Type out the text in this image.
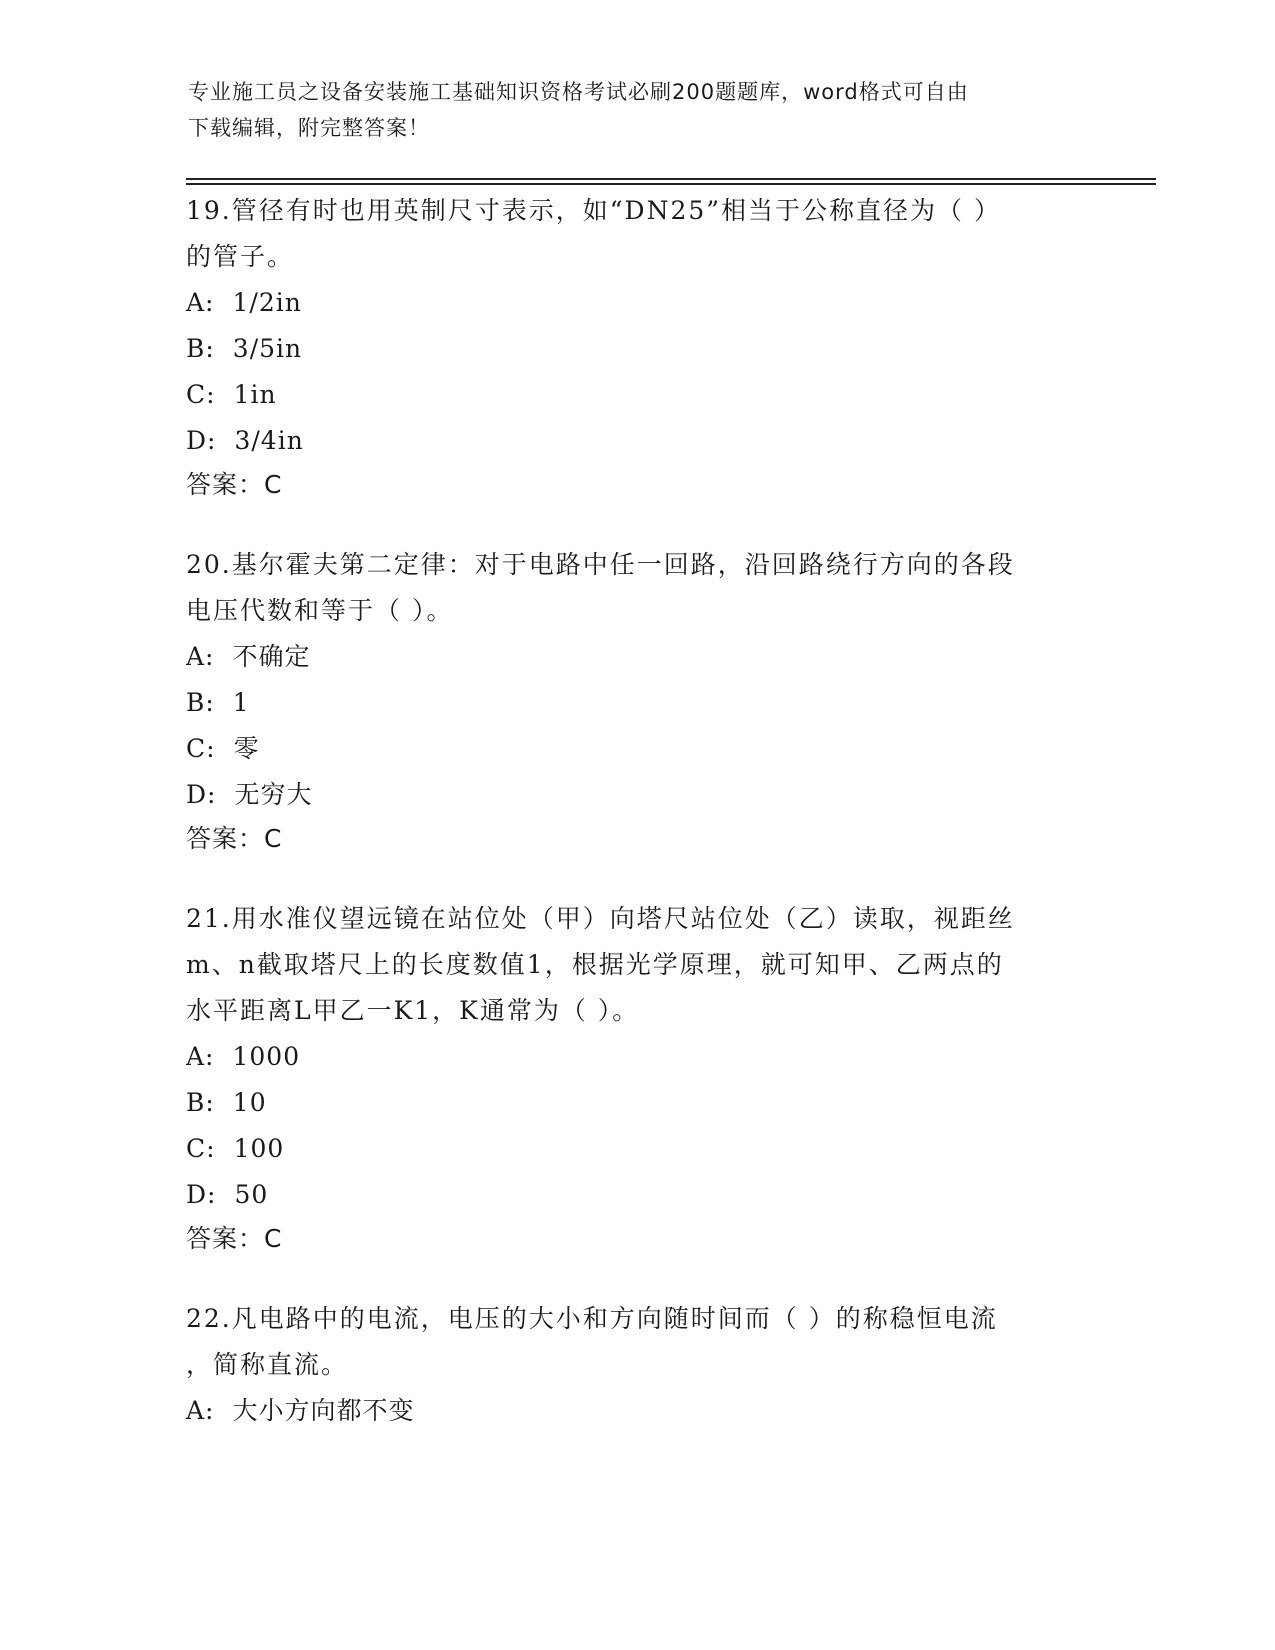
专业施工员之设备安装施工基础知识资格考试必刷200题题库，word格式可自由
下载编辑，附完整答案！

19.管径有时也用英制尺寸表示，如“DN25”相当于公称直径为（ ）

的管子。

A: 1/2in

B: 3/5in

C: 1in

D: 3/4in

答案：C

20.基尔霍夫第二定律：对于电路中任一回路，沿回路绕行方向的各段

电压代数和等于（ ）。

A: 不确定

B: 1

C: 零

D: 无穷大

答案：C

21.用水准仪望远镜在站位处（甲）向塔尺站位处（乙）读取，视距丝

m、n截取塔尺上的长度数值1，根据光学原理，就可知甲、乙两点的

水平距离L甲乙一K1，K通常为（ ）。

A: 1000

B: 10

C: 100

D: 50

答案：C

22.凡电路中的电流，电压的大小和方向随时间而（ ）的称稳恒电流

，简称直流。

A: 大小方向都不变
